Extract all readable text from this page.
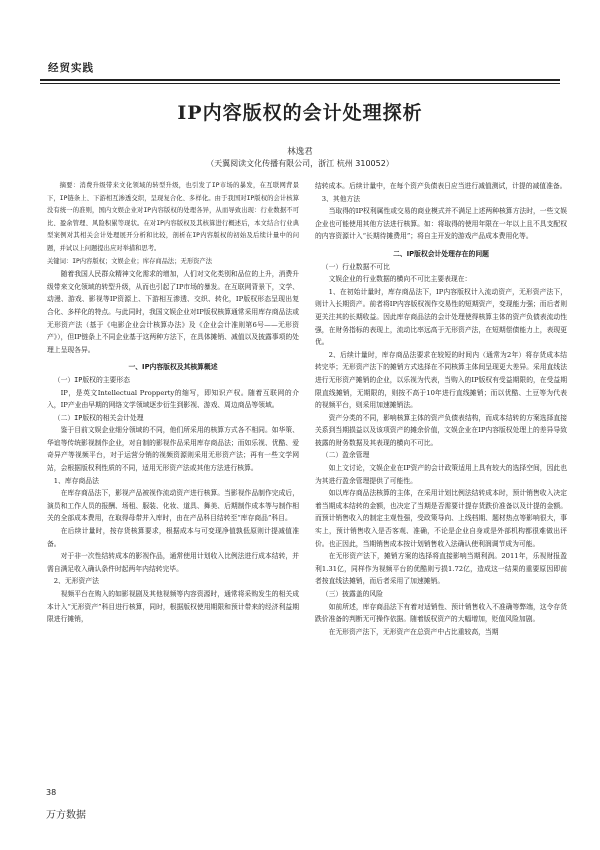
经贸实践
IP内容版权的会计处理探析
林逸君
（天翼阅读文化传播有限公司，浙江 杭州 310052）

摘要：消费升级带来文化领域的转型升级，也引发了IP市场的暴发，在互联网背景下，IP链条上、下游相互渗透交织，呈现复合化、多样化。由于我国对IP版权的会计核算没有统一的准则，国内文娱企业对IP内容版权的处理各异，从而导致出现：行业数据不可比、盈余管理、风险积累等现状。在对IP内容版权及其核算进行概述后，本文结合行业典型案例对其相关会计处理展开分析和比较，剖析在IP内容版权的初始及后续计量中的问题，并试以上问题提出应对举措和思考。

关键词：IP内容版权；文娱企业；库存商品法；无形资产法

随着我国人民群众精神文化需求的增加，人们对文化类别和品位的上升，消费升级带来文化领域的转型升级，从而也引起了IP市场的暴发。在互联网背景下，文学、动漫、游戏、影视等IP资源上、下游相互渗透、交织、转化，IP版权形态呈现出复合化、多样化的特点。与此同时，我国文娱企业对IP版权核算通常采用库存商品法或无形资产法（基于《电影企业会计核算办法》及《企业会计准则第6号——无形资产》），但IP链条上不同企业基于这两种方法下，在具体摊销、减值以及披露事项的处理上呈现各异。

一、IP内容版权及其核算概述

（一）IP版权的主要形态

IP，是英文Intellectual Propperty的缩写，即知识产权。随着互联网的介入，IP产业由早期的网络文学领域逐步衍生到影视、游戏、周边商品等领域。

（二）IP版权的相关会计处理

鉴于目前文娱企业细分领域的不同，他们所采用的核算方式各不相同。如华策、华谊等传统影视制作企业，对自制的影视作品采用库存商品法；而如乐视、优酷、爱奇异产等视频平台，对于运营分销的视频资源则采用无形资产法；再有一些文学网站，会根据版权利性质的不同，适用无形资产法或其他方法进行核算。

1、库存商品法

在库存商品法下，影视产品被视作流动资产进行核算。当影视作品制作完成后，演员和工作人员的报酬、场租、服装、化妆、道具、舞美、后期制作成本等与制作相关的全部成本费用，在取得母带并入库时，由在产品科目结转至“库存商品”科目。

在后续计量时，按存货核算要求，根据成本与可变现净值孰低原则计提减值准备。

对于非一次性结转成本的影视作品，通常使用计划收入比例法进行成本结转，并需自满足收入确认条件时起两年内结转完毕。

2、无形资产法

视频平台在购入的如影视剧及其他视频等内容资源时，通常将采购发生的相关成本计入“无形资产”科目进行核算，同时，根据版权使用期限和预计带来的经济利益期限进行摊销，

结转成本。后续计量中，在每个资产负债表日应当进行减值测试，计提的减值准备。

3、其他方法

当取得的IP权利属性或交易的商业模式并不满足上述两种核算方法时，一些文娱企业也可能使用其他方法进行核算。如：将取得的使用年限在一年以上且不具支配权的内容资源计入“长期待摊费用”；将自主开发的游戏产品成本费用化等。

二、IP版权会计处理存在的问题

（一）行业数据不可比

文娱企业的行业数据的横向不可比主要表现在：

1、在初始计量时，库存商品法下，IP内容版权计入流动资产，无形资产法下，则计入长期资产。前者将IP内容版权视作交易性的短期资产，变现能力强；而后者则更关注其的长期收益。因此库存商品法的会计处理使得核算主体的资产负债表流动性强，在财务指标的表现上，流动比率远高于无形资产法，在短期偿债能力上，表现更优。

2、后续计量时，库存商品法要求在较短的时间内（通常为2年）将存货成本结转完毕；无形资产法下的摊销方式选择在不同核算主体间呈现更大差异。采用直线法进行无形资产摊销的企业，以乐视为代表，当购入的IP版权有受益期限的，在受益期限直线摊销，无期限的，则按不高于10年进行直线摊销；而以优酷、土豆等为代表的视频平台，则采用加速摊销法。

资产分类的不同，影响核算主体的资产负债表结构，而成本结转的方案选择直接关系到当期损益以及该项资产的摊余价值，文娱企业在IP内容版权处理上的差异导致披露的财务数据及其表现的横向不可比。

（二）盈余管理

如上文讨论，文娱企业在IP资产的会计政策适用上具有较大的选择空间，因此也为其进行盈余管理提供了可能性。

如以库存商品法核算的主体，在采用计划比例法结转成本时，预计销售收入决定着当期成本结转的金额，也决定了当期是否需要计提存货跌价准备以及计提的金额。而预计销售收入的制定主观性强，受政策导向、上线档期、题材热点等影响很大，事实上，预计销售收入是否客观、准确，不论是企业自身或是外部机构都很难做出评价。也正因此，当期销售成本按计划销售收入法确认使利润调节成为可能。

在无形资产法下，摊销方案的选择将直接影响当期利润。2011年，乐视财报盈利1.31亿，同样作为视频平台的优酷则亏损1.72亿，造成这一结果的重要原因即前者按直线法摊销，而后者采用了加速摊销。

（三）披露盖的风险

如前所述，库存商品法下有着对适销性、预计销售收入不准确等弊端，这令存货跌价准备的判断无可操作依据。随着版权资产的大幅增加，贬值风险加剧。

在无形资产法下，无形资产在总资产中占比重较高，当期

38
万方数据
